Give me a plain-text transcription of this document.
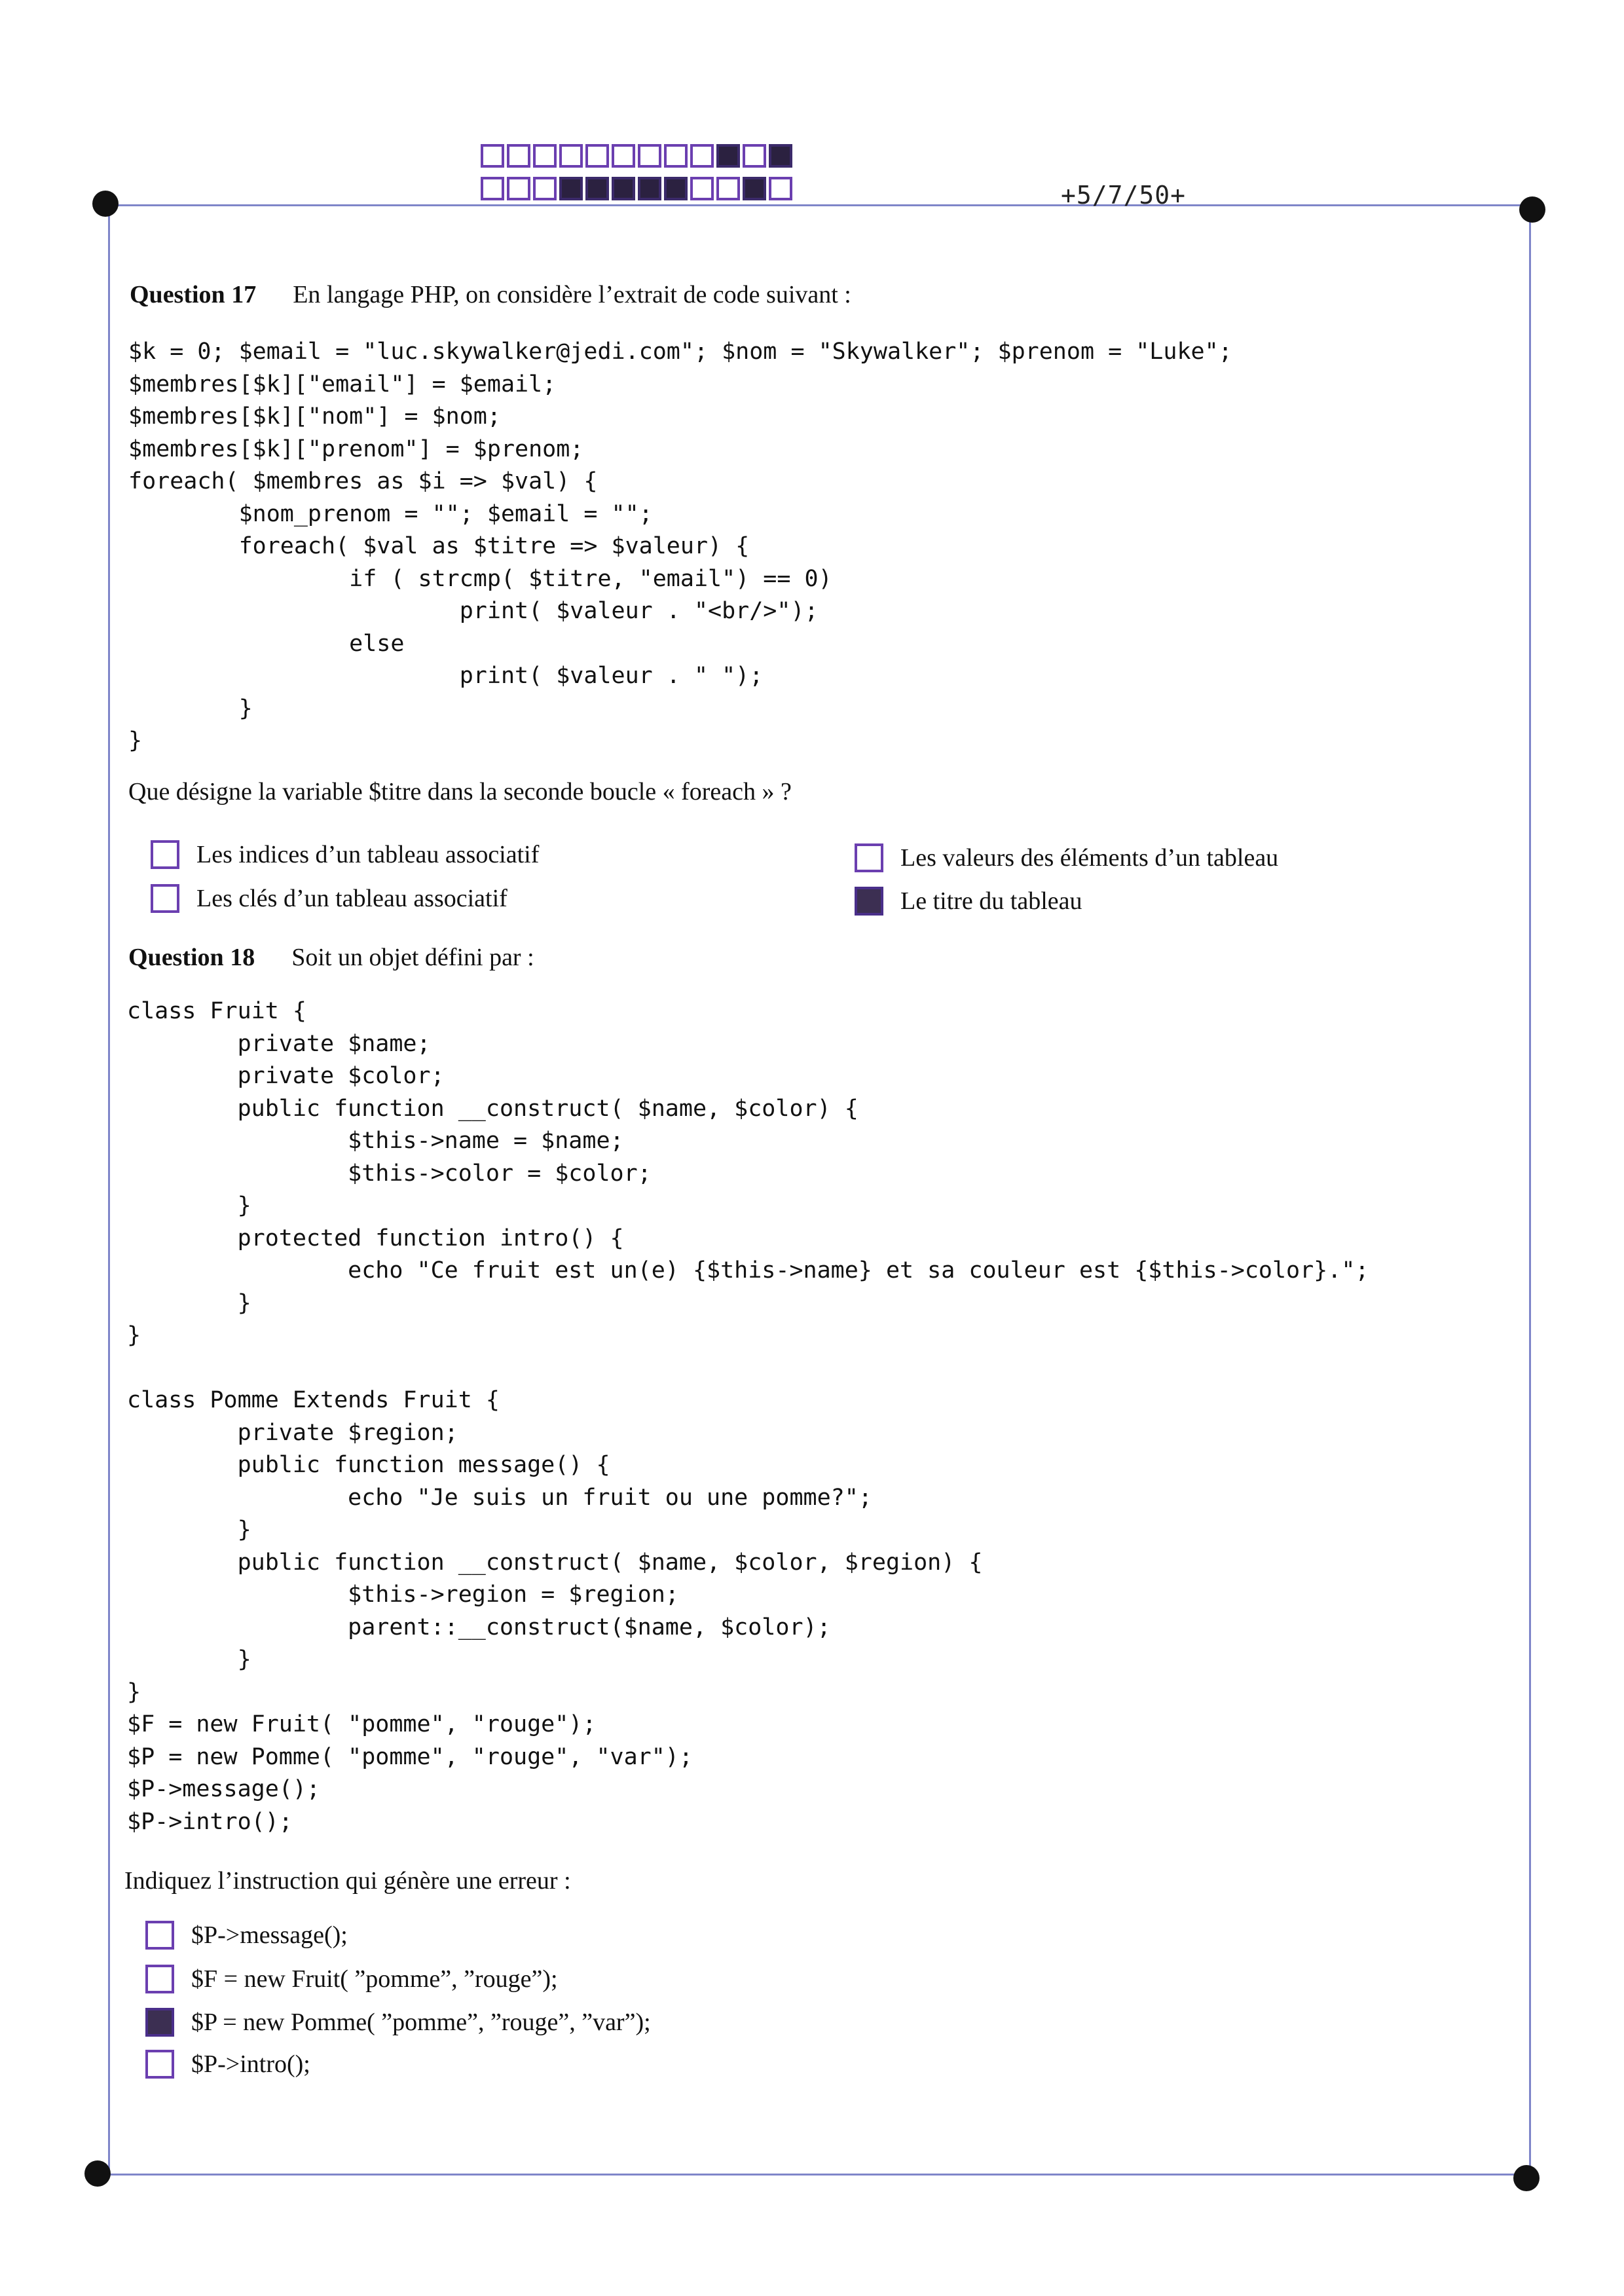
+5/7/50+
Question 17 En langage PHP, on considère l’extrait de code suivant :
$k = 0; $email = "luc.skywalker@jedi.com"; $nom = "Skywalker"; $prenom = "Luke";
$membres[$k]["email"] = $email;
$membres[$k]["nom"] = $nom;
$membres[$k]["prenom"] = $prenom;
foreach( $membres as $i => $val) {
$nom_prenom = ""; $email = "";
foreach( $val as $titre => $valeur) {
if ( strcmp( $titre, "email") == 0)
print( $valeur . "<br/>");
else
print( $valeur . " ");
}
}
Que désigne la variable $titre dans la seconde boucle « foreach » ?
Les indices d’un tableau associatif	Les valeurs des éléments d’un tableau
Les clés d’un tableau associatif	Le titre du tableau
Question 18 Soit un objet défini par :
class Fruit {
private $name;
private $color;
public function __construct( $name, $color) {
$this->name = $name;
$this->color = $color;
}
protected function intro() {
echo "Ce fruit est un(e) {$this->name} et sa couleur est {$this->color}.";
}
}

class Pomme Extends Fruit {
private $region;
public function message() {
echo "Je suis un fruit ou une pomme?";
}
public function __construct( $name, $color, $region) {
$this->region = $region;
parent::__construct($name, $color);
}
}
$F = new Fruit( "pomme", "rouge");
$P = new Pomme( "pomme", "rouge", "var");
$P->message();
$P->intro();
Indiquez l’instruction qui génère une erreur :
$P->message();
$F = new Fruit( ”pomme”, ”rouge”);
$P = new Pomme( ”pomme”, ”rouge”, ”var”);
$P->intro();
